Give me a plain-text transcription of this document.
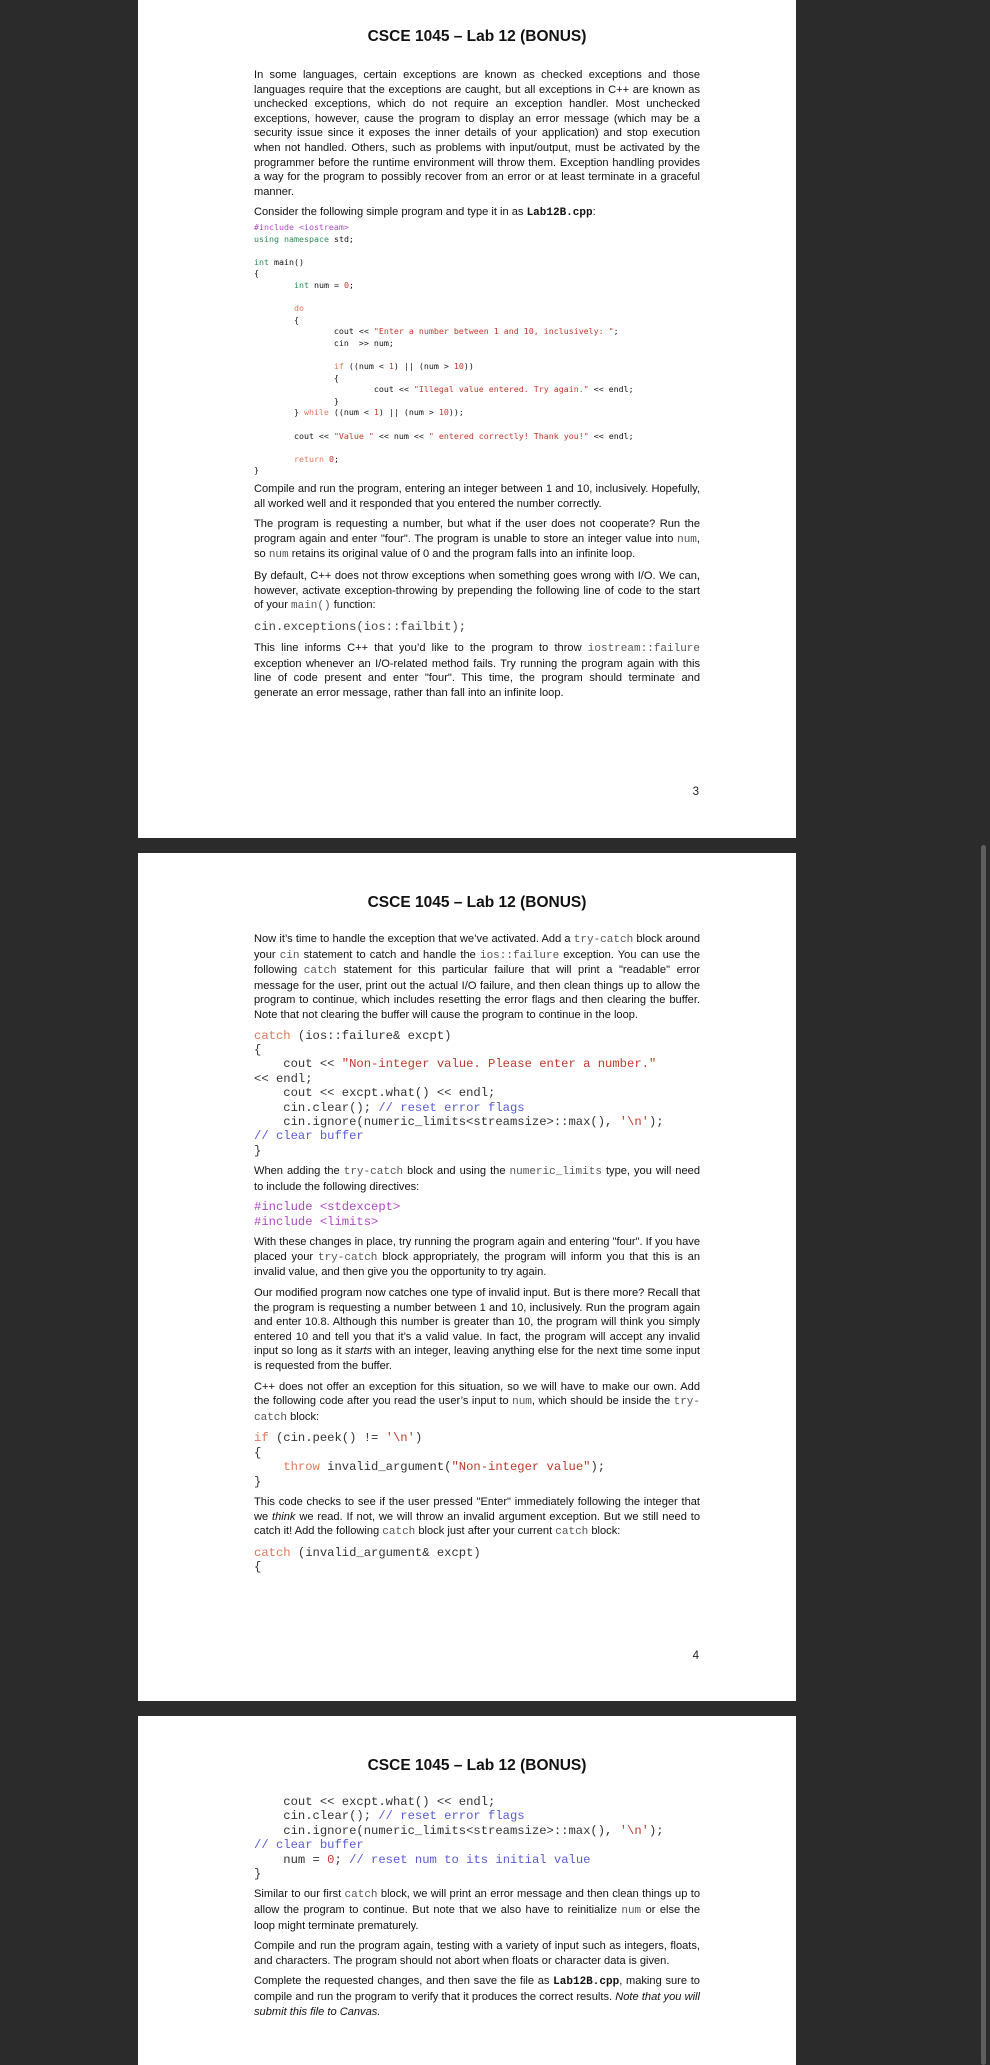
CSCE 1045 – Lab 12 (BONUS)

In some languages, certain exceptions are known as checked exceptions and those languages require that the exceptions are caught, but all exceptions in C++ are known as unchecked exceptions, which do not require an exception handler. Most unchecked exceptions, however, cause the program to display an error message (which may be a security issue since it exposes the inner details of your application) and stop execution when not handled. Others, such as problems with input/output, must be activated by the programmer before the runtime environment will throw them. Exception handling provides a way for the program to possibly recover from an error or at least terminate in a graceful manner.

Consider the following simple program and type it in as Lab12B.cpp:

#include <iostream>
using namespace std;

int main()
{
int num = 0;

do
{
cout << "Enter a number between 1 and 10, inclusively: ";
cin  >> num;

if ((num < 1) || (num > 10))
{
cout << "Illegal value entered. Try again." << endl;
}
} while ((num < 1) || (num > 10));

cout << "Value " << num << " entered correctly! Thank you!" << endl;

return 0;
}

Compile and run the program, entering an integer between 1 and 10, inclusively. Hopefully, all worked well and it responded that you entered the number correctly.

The program is requesting a number, but what if the user does not cooperate? Run the program again and enter "four". The program is unable to store an integer value into num, so num retains its original value of 0 and the program falls into an infinite loop.

By default, C++ does not throw exceptions when something goes wrong with I/O. We can, however, activate exception-throwing by prepending the following line of code to the start of your main() function:

cin.exceptions(ios::failbit);

This line informs C++ that you’d like to the program to throw iostream::failure exception whenever an I/O-related method fails. Try running the program again with this line of code present and enter "four". This time, the program should terminate and generate an error message, rather than fall into an infinite loop.

3
CSCE 1045 – Lab 12 (BONUS)

Now it’s time to handle the exception that we’ve activated. Add a try-catch block around your cin statement to catch and handle the ios::failure exception. You can use the following catch statement for this particular failure that will print a "readable" error message for the user, print out the actual I/O failure, and then clean things up to allow the program to continue, which includes resetting the error flags and then clearing the buffer. Note that not clearing the buffer will cause the program to continue in the loop.

catch (ios::failure& excpt)
{
cout << "Non-integer value. Please enter a number."
<< endl;
cout << excpt.what() << endl;
cin.clear(); // reset error flags
cin.ignore(numeric_limits<streamsize>::max(), '\n');
// clear buffer
}

When adding the try-catch block and using the numeric_limits type, you will need to include the following directives:

#include <stdexcept>
#include <limits>

With these changes in place, try running the program again and entering "four". If you have placed your try-catch block appropriately, the program will inform you that this is an invalid value, and then give you the opportunity to try again.

Our modified program now catches one type of invalid input. But is there more? Recall that the program is requesting a number between 1 and 10, inclusively. Run the program again and enter 10.8. Although this number is greater than 10, the program will think you simply entered 10 and tell you that it’s a valid value. In fact, the program will accept any invalid input so long as it starts with an integer, leaving anything else for the next time some input is requested from the buffer.

C++ does not offer an exception for this situation, so we will have to make our own. Add the following code after you read the user’s input to num, which should be inside the try-catch block:

if (cin.peek() != '\n')
{
throw invalid_argument("Non-integer value");
}

This code checks to see if the user pressed "Enter" immediately following the integer that we think we read. If not, we will throw an invalid argument exception. But we still need to catch it! Add the following catch block just after your current catch block:

catch (invalid_argument& excpt)
{
4
CSCE 1045 – Lab 12 (BONUS)
cout << excpt.what() << endl;
cin.clear(); // reset error flags
cin.ignore(numeric_limits<streamsize>::max(), '\n');
// clear buffer
num = 0; // reset num to its initial value
}

Similar to our first catch block, we will print an error message and then clean things up to allow the program to continue. But note that we also have to reinitialize num or else the loop might terminate prematurely.

Compile and run the program again, testing with a variety of input such as integers, floats, and characters. The program should not abort when floats or character data is given.

Complete the requested changes, and then save the file as Lab12B.cpp, making sure to compile and run the program to verify that it produces the correct results. Note that you will submit this file to Canvas.
